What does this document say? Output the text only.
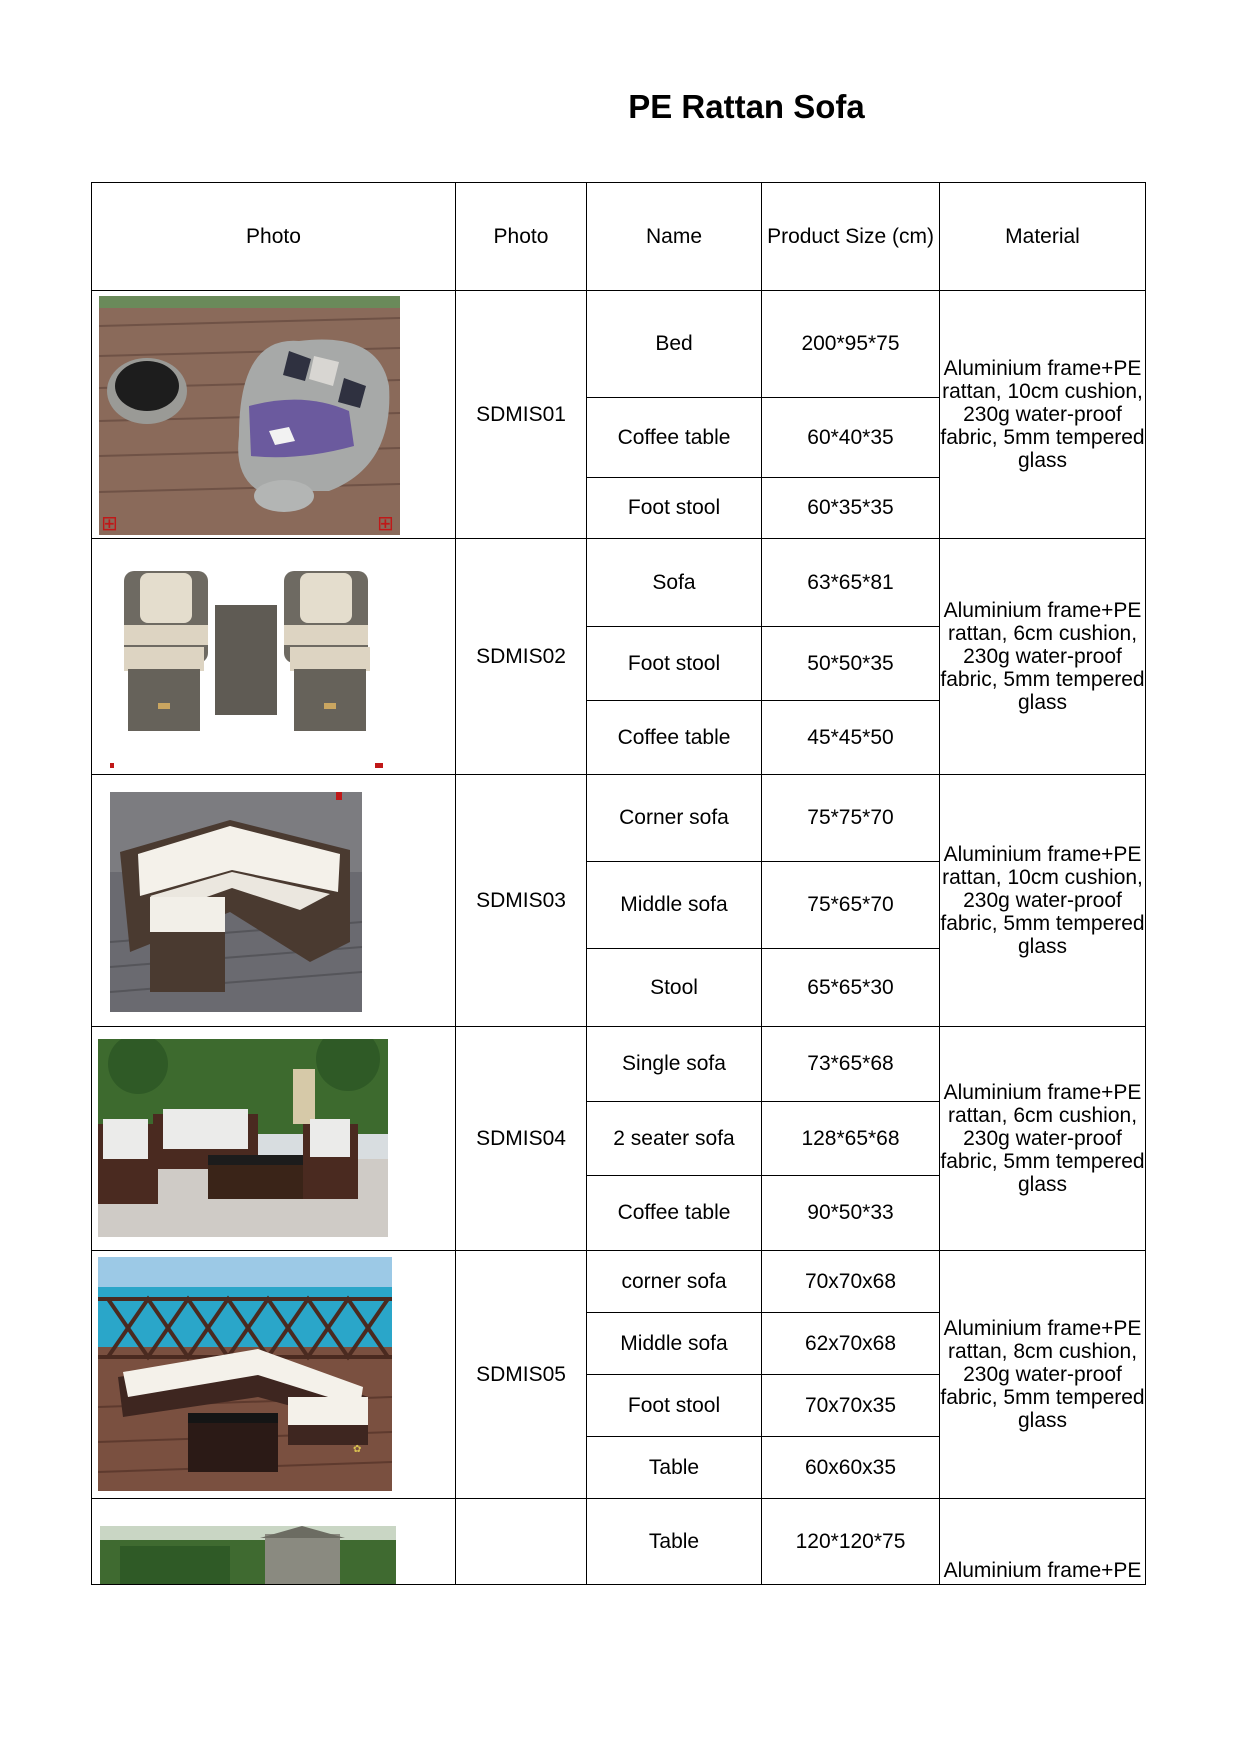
PE Rattan Sofa
Photo	Photo	Name	Product Size (cm)	Material

⊞ ⊞	SDMIS01	Bed	200*95*75	Aluminium frame+PE rattan, 10cm cushion, 230g water-proof fabric, 5mm tempered glass
		Coffee table	60*40*35	
		Foot stool	60*35*35	

	SDMIS02	Sofa	63*65*81	Aluminium frame+PE rattan, 6cm cushion, 230g water-proof fabric, 5mm tempered glass
		Foot stool	50*50*35	
		Coffee table	45*45*50	

	SDMIS03	Corner sofa	75*75*70	Aluminium frame+PE rattan, 10cm cushion, 230g water-proof fabric, 5mm tempered glass
		Middle sofa	75*65*70	
		Stool	65*65*30	

	SDMIS04	Single sofa	73*65*68	Aluminium frame+PE rattan, 6cm cushion, 230g water-proof fabric, 5mm tempered glass
		2 seater sofa	128*65*68	
		Coffee table	90*50*33	

✿	SDMIS05	corner sofa	70x70x68	Aluminium frame+PE rattan, 8cm cushion, 230g water-proof fabric, 5mm tempered glass
		Middle sofa	62x70x68	
		Foot stool	70x70x35	
		Table	60x60x35	

		Table	120*120*75	Aluminium frame+PE
